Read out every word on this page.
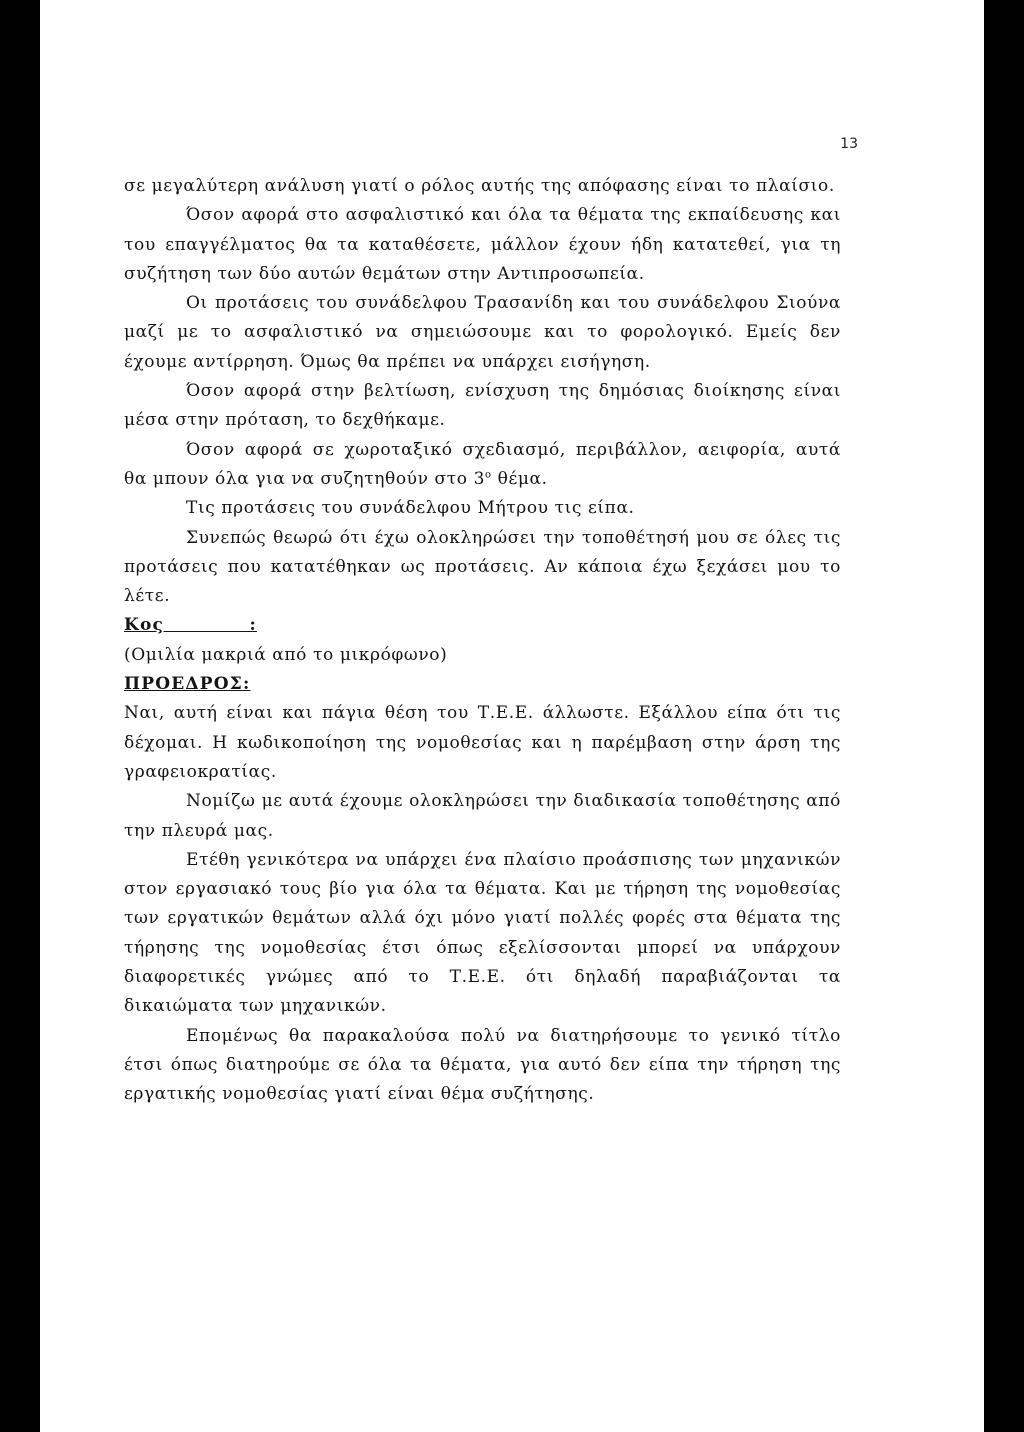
13

σε μεγαλύτερη ανάλυση γιατί ο ρόλος αυτής της απόφασης είναι το πλαίσιο.

Όσον αφορά στο ασφαλιστικό και όλα τα θέματα της εκπαίδευσης και του επαγγέλματος θα τα καταθέσετε, μάλλον έχουν ήδη κατατεθεί, για τη συζήτηση των δύο αυτών θεμάτων στην Αντιπροσωπεία.

Οι προτάσεις του συνάδελφου Τρασανίδη και του συνάδελφου Σιούνα μαζί με το ασφαλιστικό να σημειώσουμε και το φορολογικό. Εμείς δεν έχουμε αντίρρηση. Όμως θα πρέπει να υπάρχει εισήγηση.

Όσον αφορά στην βελτίωση, ενίσχυση της δημόσιας διοίκησης είναι μέσα στην πρόταση, το δεχθήκαμε.

Όσον αφορά σε χωροταξικό σχεδιασμό, περιβάλλον, αειφορία, αυτά θα μπουν όλα για να συζητηθούν στο $3^o$ θέμα.

Τις προτάσεις του συνάδελφου Μήτρου τις είπα.

Συνεπώς θεωρώ ότι έχω ολοκληρώσει την τοποθέτησή μου σε όλες τις προτάσεις που κατατέθηκαν ως προτάσεις. Αν κάποια έχω ξεχάσει μου το λέτε.

Κος            :

(Ομιλία μακριά από το μικρόφωνο)

ΠΡΟΕΔΡΟΣ:

Ναι, αυτή είναι και πάγια θέση του Τ.Ε.Ε. άλλωστε. Εξάλλου είπα ότι τις δέχομαι. Η κωδικοποίηση της νομοθεσίας και η παρέμβαση στην άρση της γραφειοκρατίας.

Νομίζω με αυτά έχουμε ολοκληρώσει την διαδικασία τοποθέτησης από την πλευρά μας.

Ετέθη γενικότερα να υπάρχει ένα πλαίσιο προάσπισης των μηχανικών στον εργασιακό τους βίο για όλα τα θέματα. Και με τήρηση της νομοθεσίας των εργατικών θεμάτων αλλά όχι μόνο γιατί πολλές φορές στα θέματα της τήρησης της νομοθεσίας έτσι όπως εξελίσσονται μπορεί να υπάρχουν διαφορετικές γνώμες από το Τ.Ε.Ε. ότι δηλαδή παραβιάζονται τα δικαιώματα των μηχανικών.

Επομένως θα παρακαλούσα πολύ να διατηρήσουμε το γενικό τίτλο έτσι όπως διατηρούμε σε όλα τα θέματα, για αυτό δεν είπα την τήρηση της εργατικής νομοθεσίας γιατί είναι θέμα συζήτησης.
